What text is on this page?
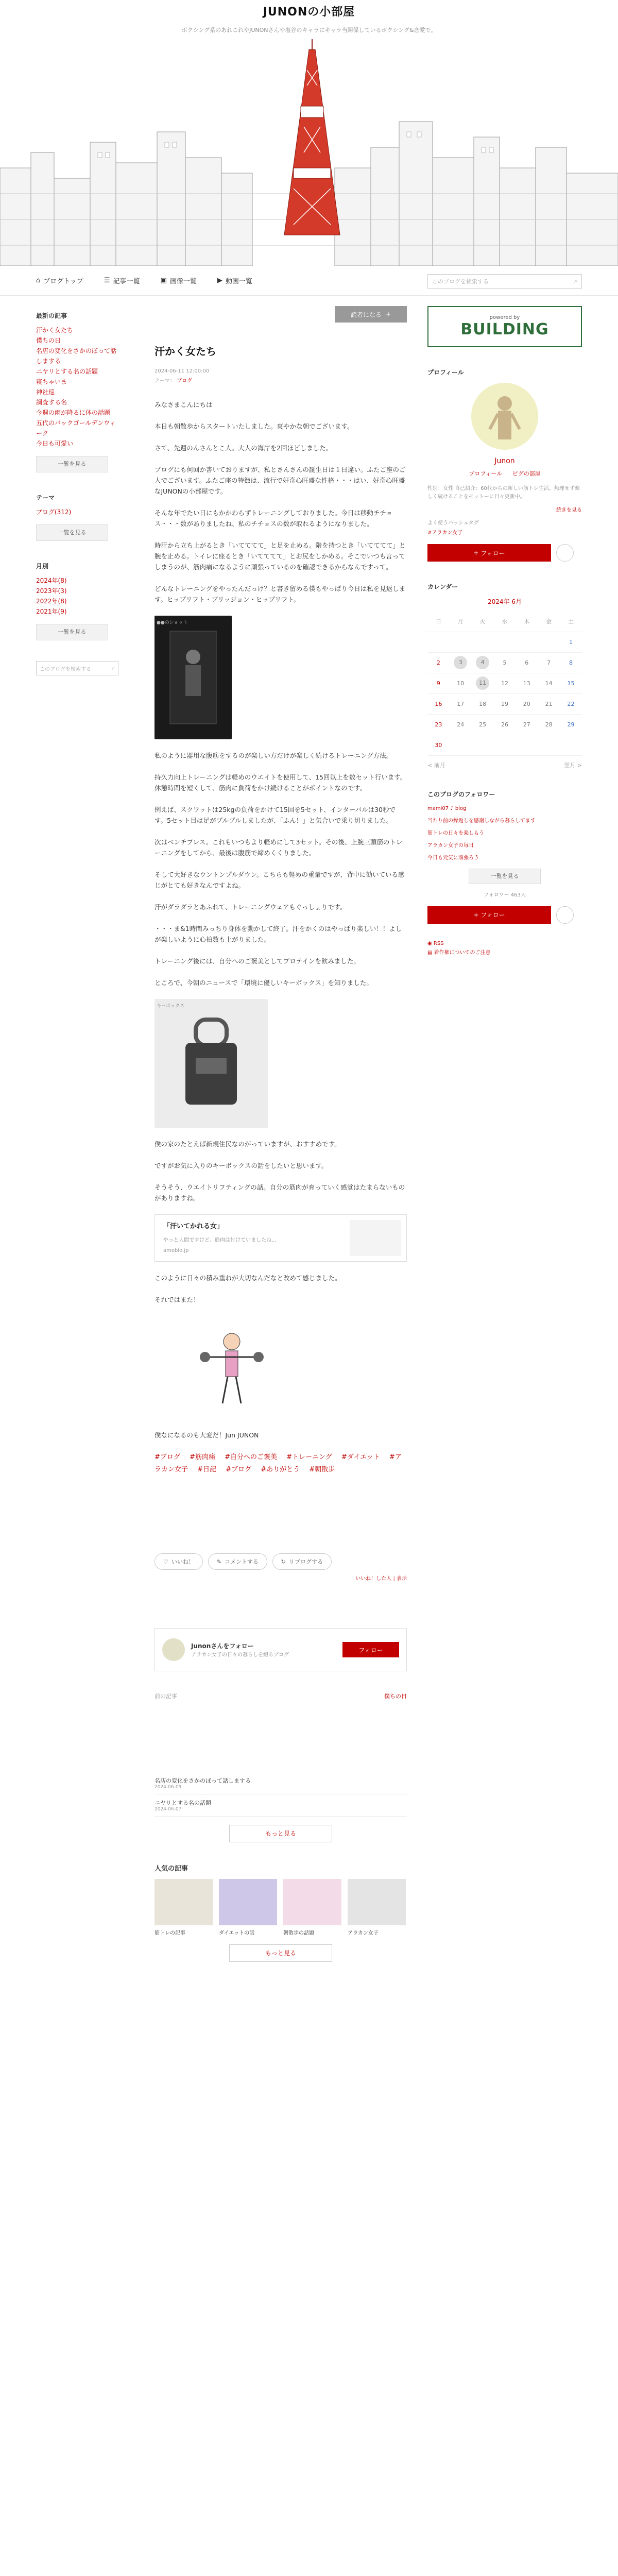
JUNONの小部屋
ボクシング系のあれこれやJUNONさんや塩谷のキャラにキャラ当関係しているボクシング&恋愛で。
⌂ ブログトップ	☰ 記事一覧	▣ 画像一覧	▶ 動画一覧	このブログを検索する	⌕
最新の記事
汗かく女たち
僕ちの日
名店の変化をさかのぼって話しまする
ニヤリとする名の話題
寝ちゃいま
神社巡
調査する名
今週の雨が降るに体の話題
五代のバックゴールデンウィーク
今日も可愛い
一覧を見る
テーマ
ブログ(312)
一覧を見る
月別
2024年(8)
2023年(3)
2022年(8)
2021年(9)
一覧を見る
このブログを検索する	⌕
読者になる +
汗かく女たち
2024-06-11 12:00:00
テーマ： ブログ

みなさまこんにちは

本日も朝散歩からスタートいたしました。爽やかな朝でございます。

さて、先週のんさんとこ人。大人の海岸を2回ほどしました。

ブログにも何回か書いておりますが、私とさんさんの誕生日は１日違い。ふたご座のご人でございます。ふたご座の特徴は、流行で好奇心旺盛な性格・・・はい、好奇心旺盛なJUNONの小部屋です。

そんな年でたい日にもかかわらずトレーニングしておりました。今日は移動チチョス・・・数がありましたね、私のチチョスの数が取れるようになりました。

時汗から立ち上がるとき「いてててて」と足を止める。階を持つとき「いてててて」と腕を止める。トイレに座るとき「いてててて」とお尻をしかめる。そこでいつも言ってしまうのが、筋肉痛になるように頑張っているのを確認できるからなんですって。

どんなトレーニングをやったんだっけ？と書き留める僕もやっぱり今日は私を見返します。ヒップリフト・ブリッジョン・ヒップリフト。

●●のショット

私のように器用な腹筋をするのが楽しい方だけが楽しく続けるトレーニング方法。

持久力向上トレーニングは軽めのウエイトを使用して、15回以上を数セット行います。休憩時間を短くして、筋肉に負荷をかけ続けることがポイントなのです。

例えば、スクワットは25kgの負荷をかけて15回を5セット、インターバルは30秒です。5セット目は足がプルプルしましたが、「ふん！」と気合いで乗り切りました。

次はベンチプレス。これもいつもより軽めにして3セット。その後、上腕三頭筋のトレーニングをしてから、最後は腹筋で締めくくりました。

そして大好きなウントンプルダウン。こちらも軽めの重量ですが、背中に効いている感じがとても好きなんですよね。

汗がダラダラとあふれて、トレーニングウェアもぐっしょりです。

・・・ま&1時間みっちり身体を動かして終了。汗をかくのはやっぱり楽しい！！よしが楽しいように心拍数も上がりました。

トレーニング後には、自分へのご褒美としてプロテインを飲みました。

ところで、今朝のニュースで「環境に優しいキーボックス」を知りました。

キーボックス

僕の家のたとえば新規住民なのがっていますが、おすすめです。

ですがお気に入りのキーボックスの話をしたいと思います。

そうそう、ウエイトリフティングの話。自分の筋肉が育っていく感覚はたまらないものがありますね。

「汗いてかれる女」
やっと人間ですけど、筋肉は付けていましたね...
ameblo.jp

このように日々の積み重ねが大切なんだなと改めて感じました。

それではまた！

僕なになるのも大変だ！Jun JUNON

#ブログ #筋肉痛 #自分へのご褒美 #トレーニング #ダイエット #アラカン女子 #日記 #ブログ #ありがとう #朝散歩
♡ いいね！	✎ コメントする	↻ リブログする
いいね！した人 ¦ 表示
Junonさんをフォロー
アラカン女子の日々の暮らしを綴るブログ
フォロー
前の記事	僕ちの日
名店の変化をさかのぼって話しまする
2024-06-09
ニヤリとする名の話題
2024-06-07
もっと見る
人気の記事
筋トレの記事	ダイエットの話	朝散歩の話題	アラカン女子
もっと見る
powered by
BUILDING
プロフィール
Junon
プロフィール ピグの部屋
性別：女性 自己紹介：60代からの新しい筋トレ生活。無理せず楽しく続けることをモットーに日々更新中。
続きを見る
よく使うハッシュタグ
#アラカン女子
+ フォロー
カレンダー
2024年 6月
日	月	火	水	木	金	土
						1
2	3	4	5	6	7	8
9	10	11	12	13	14	15
16	17	18	19	20	21	22
23	24	25	26	27	28	29
30						
< 前月	翌月 >
このブログのフォロワー
mami07 ♪ blog
当たり前の繰返しを感謝しながら暮らしてます
筋トレの日々を楽しもう
アラカン女子の毎日
今日も元気に頑張ろう
一覧を見る
フォロワー 463人
+ フォロー
◉ RSS
▤ 着作権についてのご注意
